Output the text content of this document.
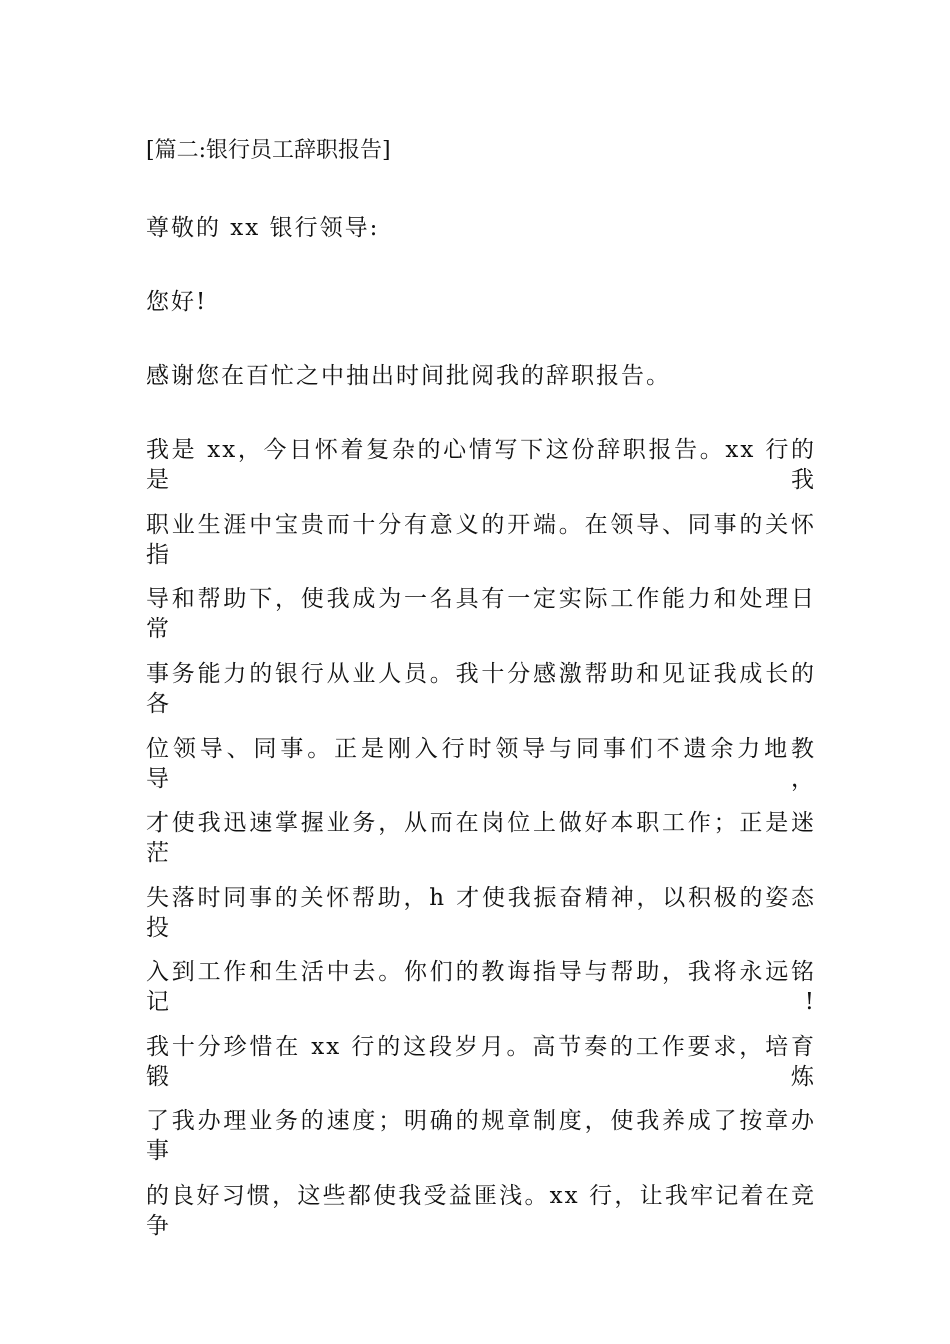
[篇二:银行员工辞职报告]
尊敬的 xx 银行领导:
您好!
感谢您在百忙之中抽出时间批阅我的辞职报告。
我是 xx，今日怀着复杂的心情写下这份辞职报告。xx 行的是我
职业生涯中宝贵而十分有意义的开端。在领导、同事的关怀指
导和帮助下，使我成为一名具有一定实际工作能力和处理日常
事务能力的银行从业人员。我十分感激帮助和见证我成长的各
位领导、同事。正是刚入行时领导与同事们不遗余力地教导，
才使我迅速掌握业务，从而在岗位上做好本职工作；正是迷茫
失落时同事的关怀帮助，h 才使我振奋精神，以积极的姿态投
入到工作和生活中去。你们的教诲指导与帮助，我将永远铭记!
我十分珍惜在 xx 行的这段岁月。高节奏的工作要求，培育锻炼
了我办理业务的速度；明确的规章制度，使我养成了按章办事
的良好习惯，这些都使我受益匪浅。xx 行，让我牢记着在竞争
